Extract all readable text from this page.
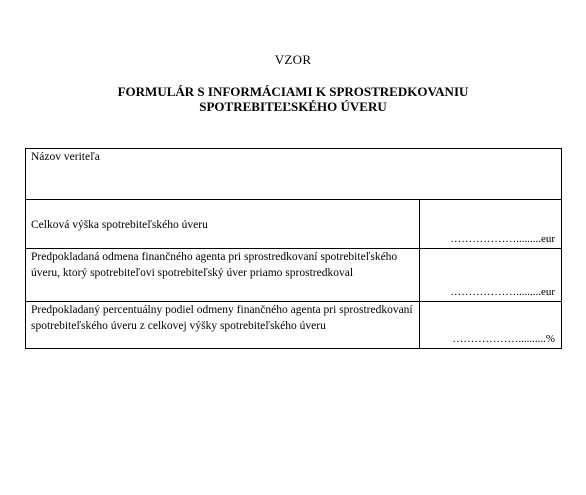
VZOR
FORMULÁR S INFORMÁCIAMI K SPROSTREDKOVANIU
SPOTREBITEĽSKÉHO ÚVERU
Názov veriteľa	

Celková výška spotrebiteľského úveru	……………….........eur

Predpokladaná odmena finančného agenta pri sprostredkovaní spotrebiteľského úveru, ktorý spotrebiteľovi spotrebiteľský úver priamo sprostredkoval	……………….........eur

Predpokladaný percentuálny podiel odmeny finančného agenta pri sprostredkovaní spotrebiteľského úveru z celkovej výšky spotrebiteľského úveru	………………..........%
